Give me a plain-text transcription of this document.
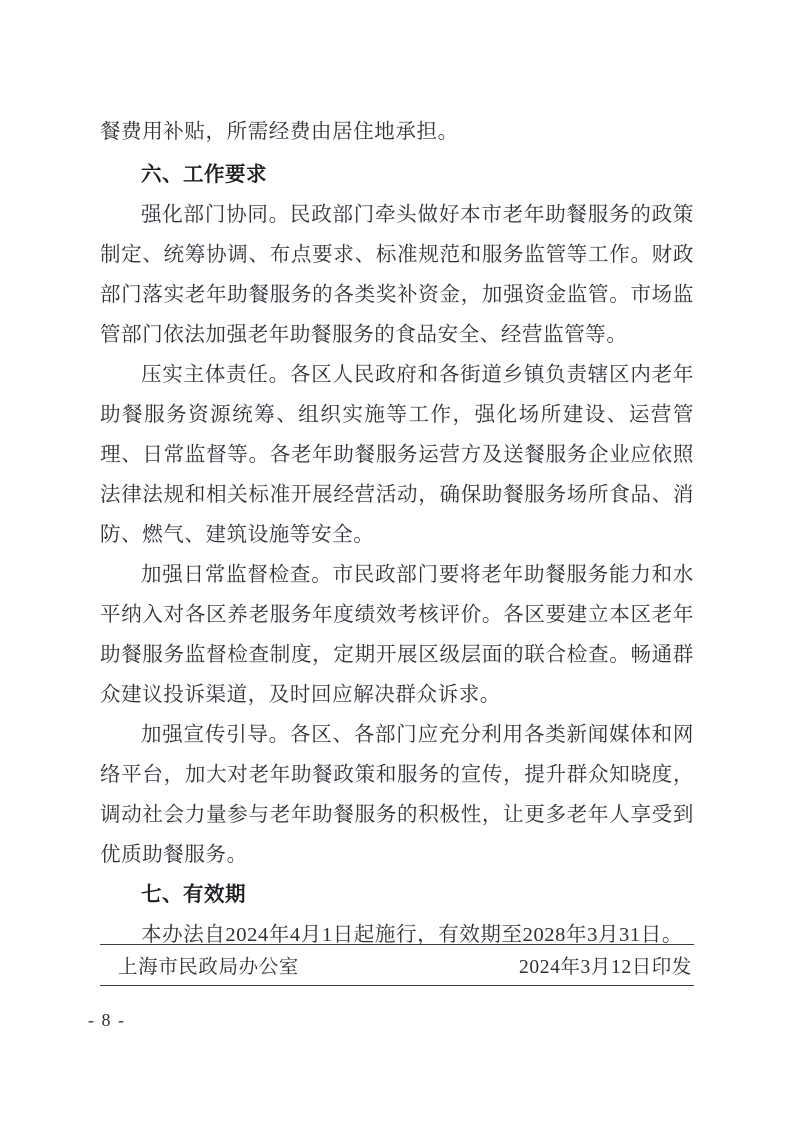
餐费用补贴，所需经费由居住地承担。

六、工作要求

强化部门协同。民政部门牵头做好本市老年助餐服务的政策制定、统筹协调、布点要求、标准规范和服务监管等工作。财政部门落实老年助餐服务的各类奖补资金，加强资金监管。市场监管部门依法加强老年助餐服务的食品安全、经营监管等。

压实主体责任。各区人民政府和各街道乡镇负责辖区内老年助餐服务资源统筹、组织实施等工作，强化场所建设、运营管理、日常监督等。各老年助餐服务运营方及送餐服务企业应依照法律法规和相关标准开展经营活动，确保助餐服务场所食品、消防、燃气、建筑设施等安全。

加强日常监督检查。市民政部门要将老年助餐服务能力和水平纳入对各区养老服务年度绩效考核评价。各区要建立本区老年助餐服务监督检查制度，定期开展区级层面的联合检查。畅通群众建议投诉渠道，及时回应解决群众诉求。

加强宣传引导。各区、各部门应充分利用各类新闻媒体和网络平台，加大对老年助餐政策和服务的宣传，提升群众知晓度，调动社会力量参与老年助餐服务的积极性，让更多老年人享受到优质助餐服务。

七、有效期

本办法自2024年4月1日起施行，有效期至2028年3月31日。

上海市民政局办公室	2024年3月12日印发
- 8 -
